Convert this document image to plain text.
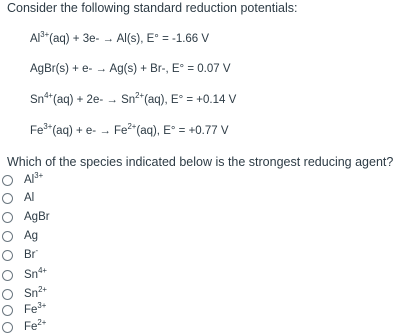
Consider the following standard reduction potentials:
$Al^{3+}(aq) + 3e- \to Al(s)$, E° = -1.66 V
AgBr(s) + e- → Ag(s) + Br-, E° = 0.07 V
$Sn^{4+}(aq) + 2e- \to Sn^{2+}(aq)$, E° = +0.14 V
$Fe^{3+}(aq) + e- \to Fe^{2+}(aq)$, E° = +0.77 V
Which of the species indicated below is the strongest reducing agent?
$Al^{3+}$
Al
AgBr
Ag
Br-
$Sn^{4+}$
$Sn^{2+}$
$Fe^{3+}$
$Fe^{2+}$
